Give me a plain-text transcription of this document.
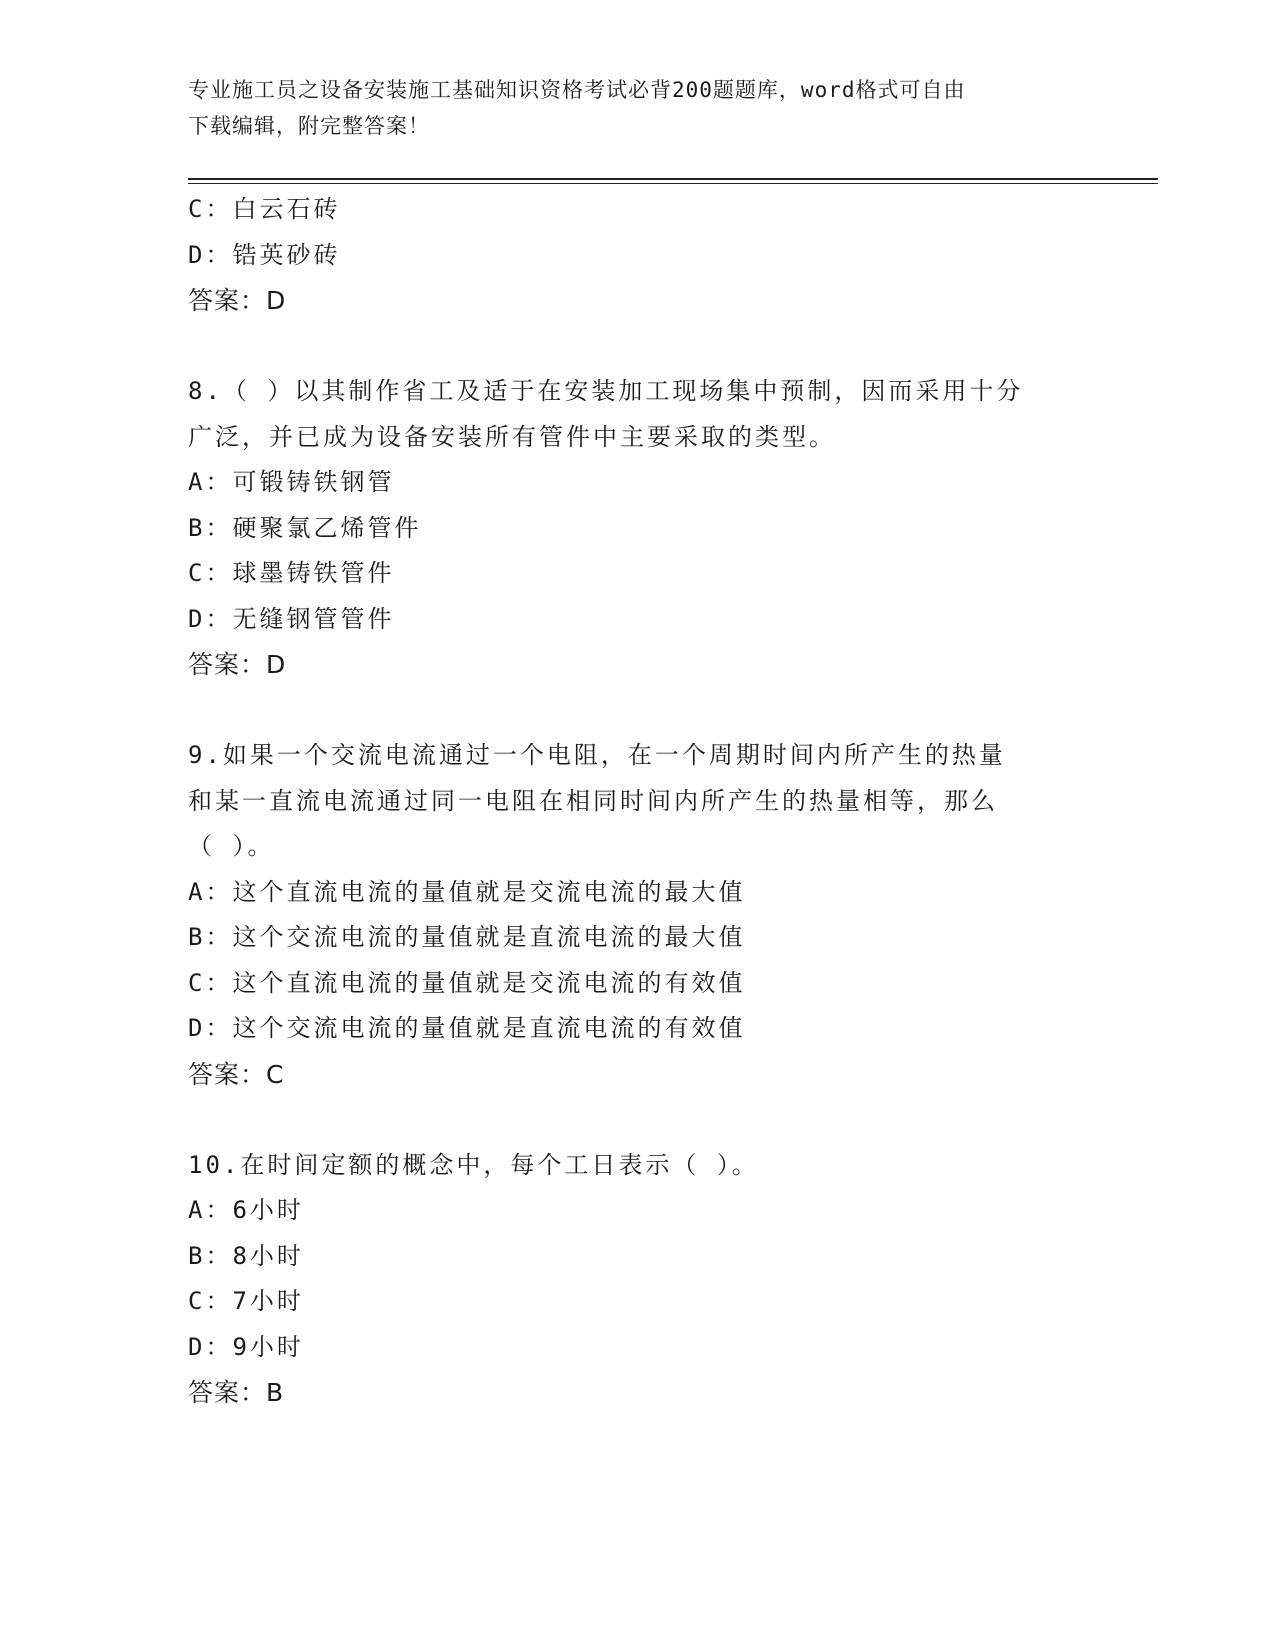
专业施工员之设备安装施工基础知识资格考试必背200题题库，word格式可自由
下载编辑，附完整答案！
C：白云石砖
D：锆英砂砖
答案：D
8.（ ）以其制作省工及适于在安装加工现场集中预制，因而采用十分
广泛，并已成为设备安装所有管件中主要采取的类型。
A：可锻铸铁钢管
B：硬聚氯乙烯管件
C：球墨铸铁管件
D：无缝钢管管件
答案：D
9.如果一个交流电流通过一个电阻，在一个周期时间内所产生的热量
和某一直流电流通过同一电阻在相同时间内所产生的热量相等，那么
（ ）。
A：这个直流电流的量值就是交流电流的最大值
B：这个交流电流的量值就是直流电流的最大值
C：这个直流电流的量值就是交流电流的有效值
D：这个交流电流的量值就是直流电流的有效值
答案：C
10.在时间定额的概念中，每个工日表示（ ）。
A：6小时
B：8小时
C：7小时
D：9小时
答案：B
